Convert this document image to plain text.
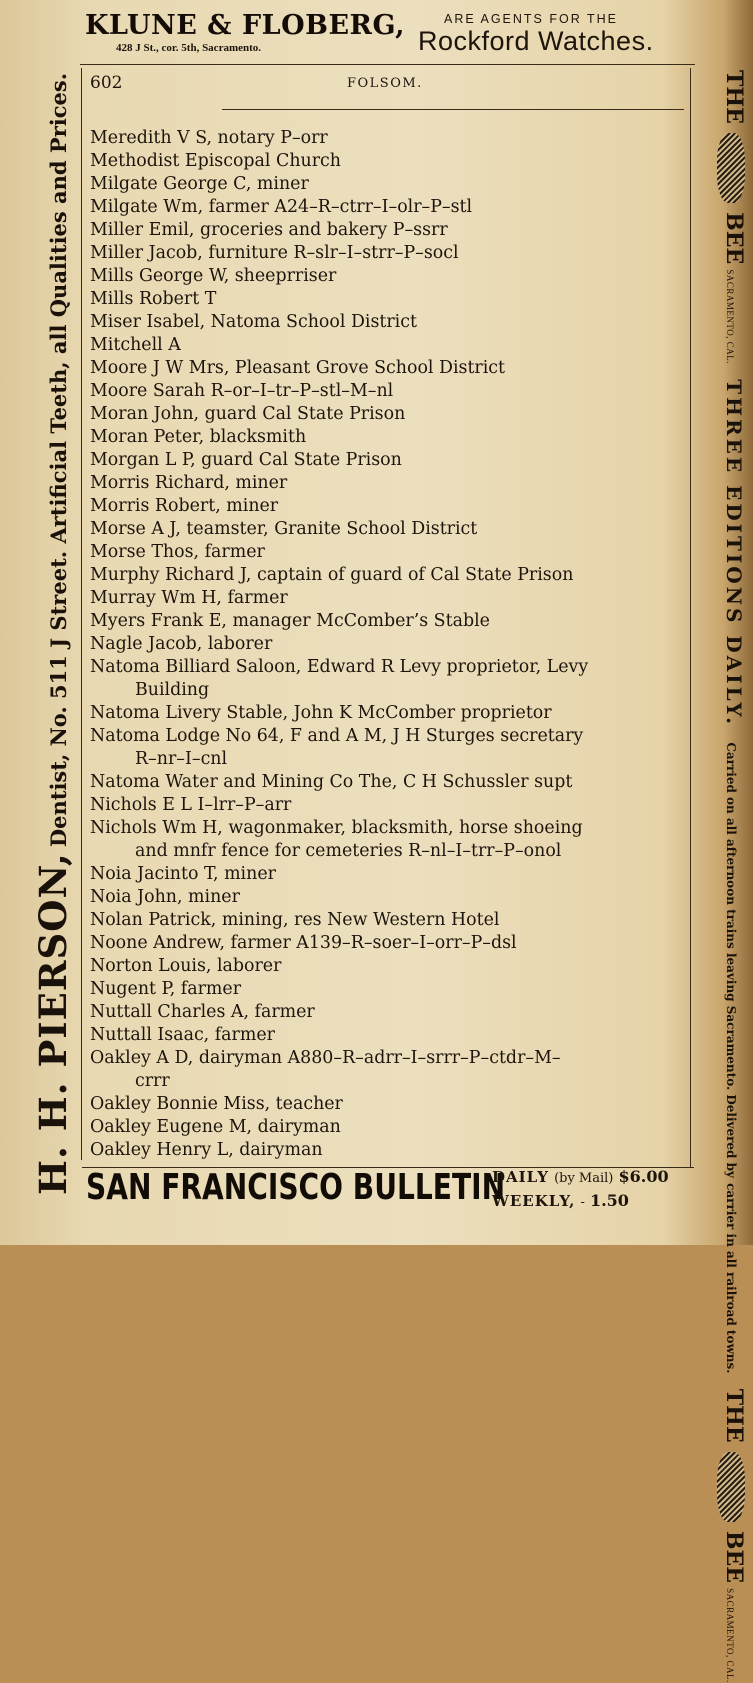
KLUNE & FLOBERG,
428 J St., cor. 5th, Sacramento.
ARE AGENTS FOR THE
Rockford Watches.
602	FOLSOM.
H. H. PIERSON, Dentist, No. 511 J Street. Artificial Teeth, all Qualities and Prices.	THE  BEE SACRAMENTO, CAL.   THREE EDITIONS DAILY.   Carried on all afternoon trains leaving Sacramento. Delivered by carrier in all railroad towns.   THE  BEE SACRAMENTO, CAL.
Meredith V S, notary P–orr
Methodist Episcopal Church
Milgate George C, miner
Milgate Wm, farmer A24–R–ctrr–I–olr–P–stl
Miller Emil, groceries and bakery P–ssrr
Miller Jacob, furniture R–slr–I–strr–P–socl
Mills George W, sheeprriser
Mills Robert T
Miser Isabel, Natoma School District
Mitchell A
Moore J W Mrs, Pleasant Grove School District
Moore Sarah R–or–I–tr–P–stl–M–nl
Moran John, guard Cal State Prison
Moran Peter, blacksmith
Morgan L P, guard Cal State Prison
Morris Richard, miner
Morris Robert, miner
Morse A J, teamster, Granite School District
Morse Thos, farmer
Murphy Richard J, captain of guard of Cal State Prison
Murray Wm H, farmer
Myers Frank E, manager McComber’s Stable
Nagle Jacob, laborer
Natoma Billiard Saloon, Edward R Levy proprietor, Levy
Building
Natoma Livery Stable, John K McComber proprietor
Natoma Lodge No 64, F and A M, J H Sturges secretary
R–nr–I–cnl
Natoma Water and Mining Co The, C H Schussler supt
Nichols E L I–lrr–P–arr
Nichols Wm H, wagonmaker, blacksmith, horse shoeing
and mnfr fence for cemeteries R–nl–I–trr–P–onol
Noia Jacinto T, miner
Noia John, miner
Nolan Patrick, mining, res New Western Hotel
Noone Andrew, farmer A139–R–soer–I–orr–P–dsl
Norton Louis, laborer
Nugent P, farmer
Nuttall Charles A, farmer
Nuttall Isaac, farmer
Oakley A D, dairyman A880–R–adrr–I–srrr–P–ctdr–M–
crrr
Oakley Bonnie Miss, teacher
Oakley Eugene M, dairyman
Oakley Henry L, dairyman
SAN FRANCISCO BULLETIN
DAILY (by Mail) $6.00
WEEKLY, - 1.50
